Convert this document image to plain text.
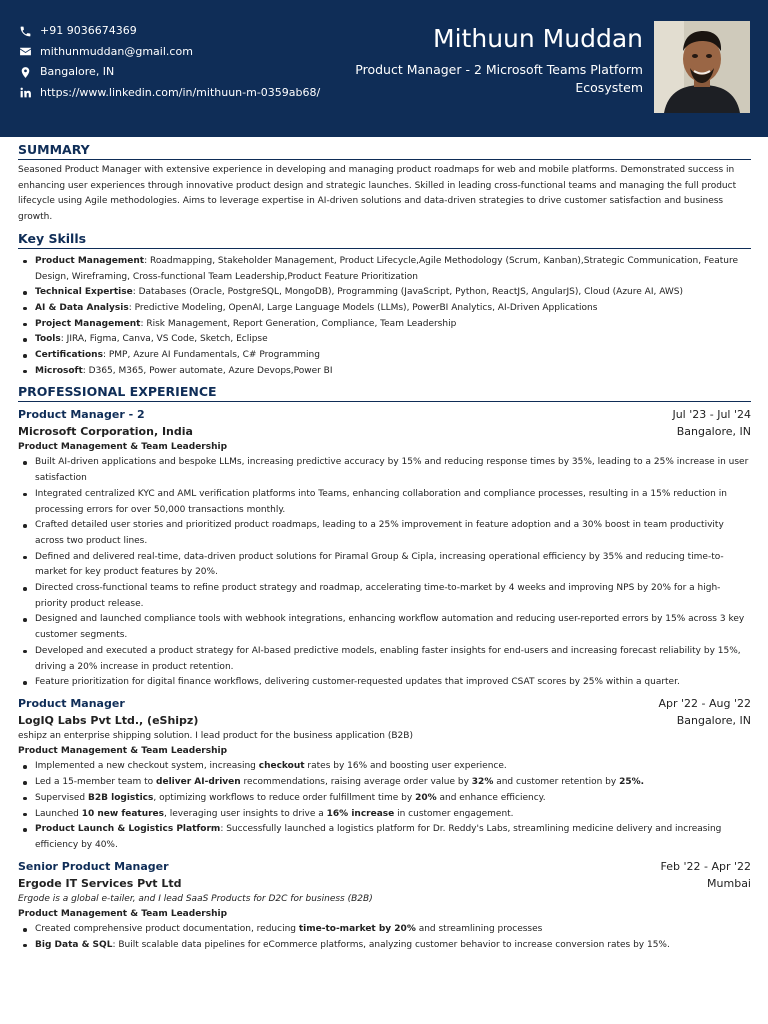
+91 9036674369
mithunmuddan@gmail.com
Bangalore, IN
https://www.linkedin.com/in/mithuun-m-0359ab68/
Mithuun Muddan
Product Manager - 2 Microsoft Teams Platform Ecosystem
SUMMARY
Seasoned Product Manager with extensive experience in developing and managing product roadmaps for web and mobile platforms. Demonstrated success in enhancing user experiences through innovative product design and strategic launches. Skilled in leading cross-functional teams and managing the full product lifecycle using Agile methodologies. Aims to leverage expertise in AI-driven solutions and data-driven strategies to drive customer satisfaction and business growth.
Key Skills
Product Management: Roadmapping, Stakeholder Management, Product Lifecycle,Agile Methodology (Scrum, Kanban),Strategic Communication, Feature Design, Wireframing, Cross-functional Team Leadership,Product Feature Prioritization
Technical Expertise: Databases (Oracle, PostgreSQL, MongoDB), Programming (JavaScript, Python, ReactJS, AngularJS), Cloud (Azure AI, AWS)
AI & Data Analysis: Predictive Modeling, OpenAI, Large Language Models (LLMs), PowerBI Analytics, AI-Driven Applications
Project Management: Risk Management, Report Generation, Compliance, Team Leadership
Tools: JIRA, Figma, Canva, VS Code, Sketch, Eclipse
Certifications: PMP, Azure AI Fundamentals, C# Programming
Microsoft: D365, M365, Power automate, Azure Devops,Power BI
PROFESSIONAL EXPERIENCE
Product Manager - 2	Jul '23 - Jul '24
Microsoft Corporation, India	Bangalore, IN
Product Management & Team Leadership
Built AI-driven applications and bespoke LLMs, increasing predictive accuracy by 15% and reducing response times by 35%, leading to a 25% increase in user satisfaction
Integrated centralized KYC and AML verification platforms into Teams, enhancing collaboration and compliance processes, resulting in a 15% reduction in processing errors for over 50,000 transactions monthly.
Crafted detailed user stories and prioritized product roadmaps, leading to a 25% improvement in feature adoption and a 30% boost in team productivity across two product lines.
Defined and delivered real-time, data-driven product solutions for Piramal Group & Cipla, increasing operational efficiency by 35% and reducing time-to-market for key product features by 20%.
Directed cross-functional teams to refine product strategy and roadmap, accelerating time-to-market by 4 weeks and improving NPS by 20% for a high-priority product release.
Designed and launched compliance tools with webhook integrations, enhancing workflow automation and reducing user-reported errors by 15% across 3 key customer segments.
Developed and executed a product strategy for AI-based predictive models, enabling faster insights for end-users and increasing forecast reliability by 15%, driving a 20% increase in product retention.
Feature prioritization for digital finance workflows, delivering customer-requested updates that improved CSAT scores by 25% within a quarter.
Product Manager	Apr '22 - Aug '22
LogIQ Labs Pvt Ltd., (eShipz)	Bangalore, IN
eshipz an enterprise shipping solution. I lead product for the business application (B2B)
Product Management & Team Leadership
Implemented a new checkout system, increasing checkout rates by 16% and boosting user experience.
Led a 15-member team to deliver AI-driven recommendations, raising average order value by 32% and customer retention by 25%.
Supervised B2B logistics, optimizing workflows to reduce order fulfillment time by 20% and enhance efficiency.
Launched 10 new features, leveraging user insights to drive a 16% increase in customer engagement.
Product Launch & Logistics Platform: Successfully launched a logistics platform for Dr. Reddy's Labs, streamlining medicine delivery and increasing efficiency by 40%.
Senior Product Manager	Feb '22 - Apr '22
Ergode IT Services Pvt Ltd	Mumbai
Ergode is a global e-tailer, and I lead SaaS Products for D2C for business (B2B)
Product Management & Team Leadership
Created comprehensive product documentation, reducing time-to-market by 20% and streamlining processes
Big Data & SQL: Built scalable data pipelines for eCommerce platforms, analyzing customer behavior to increase conversion rates by 15%.
